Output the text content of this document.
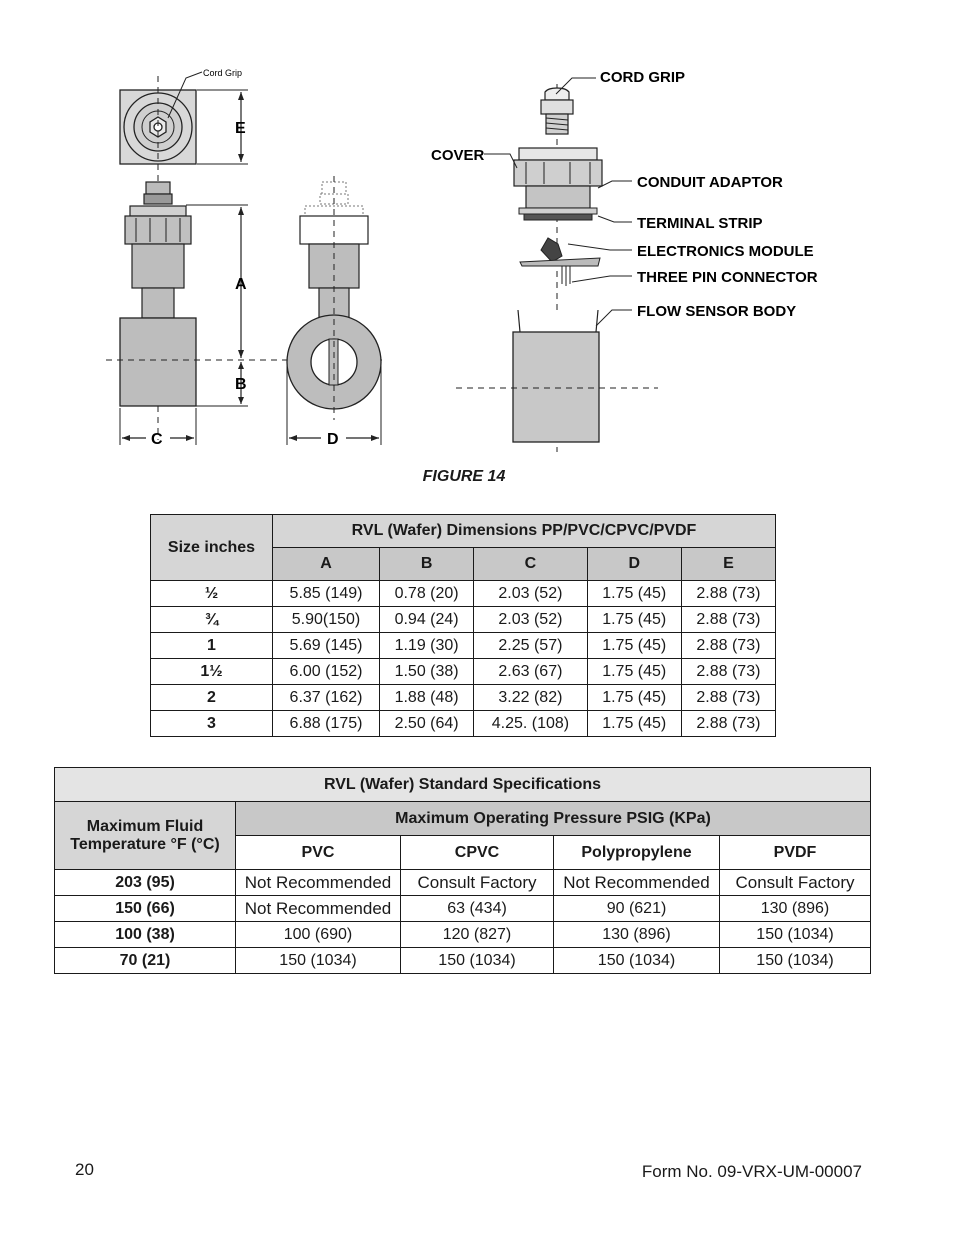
Cord Grip
E
A
B
C	D
CORD GRIP
COVER
CONDUIT ADAPTOR
TERMINAL STRIP
ELECTRONICS MODULE
THREE PIN CONNECTOR
FLOW SENSOR BODY
FIGURE 14
Size inches	RVL (Wafer) Dimensions PP/PVC/CPVC/PVDF				
	A	B	C	D	E
½	5.85 (149)	0.78 (20)	2.03 (52)	1.75 (45)	2.88 (73)
¾	5.90(150)	0.94 (24)	2.03 (52)	1.75 (45)	2.88 (73)
1	5.69 (145)	1.19 (30)	2.25 (57)	1.75 (45)	2.88 (73)
1½	6.00 (152)	1.50 (38)	2.63 (67)	1.75 (45)	2.88 (73)
2	6.37 (162)	1.88 (48)	3.22 (82)	1.75 (45)	2.88 (73)
3	6.88 (175)	2.50 (64)	4.25. (108)	1.75 (45)	2.88 (73)
RVL (Wafer) Standard Specifications				
Maximum Fluid
Temperature °F (°C)	Maximum Operating Pressure PSIG (KPa)			
	PVC	CPVC	Polypropylene	PVDF
203 (95)	Not Recommended	Consult Factory	Not Recommended	Consult Factory
150 (66)	Not Recommended	63 (434)	90 (621)	130 (896)
100 (38)	100 (690)	120 (827)	130 (896)	150 (1034)
70 (21)	150 (1034)	150 (1034)	150 (1034)	150 (1034)
20	Form No. 09-VRX-UM-00007
